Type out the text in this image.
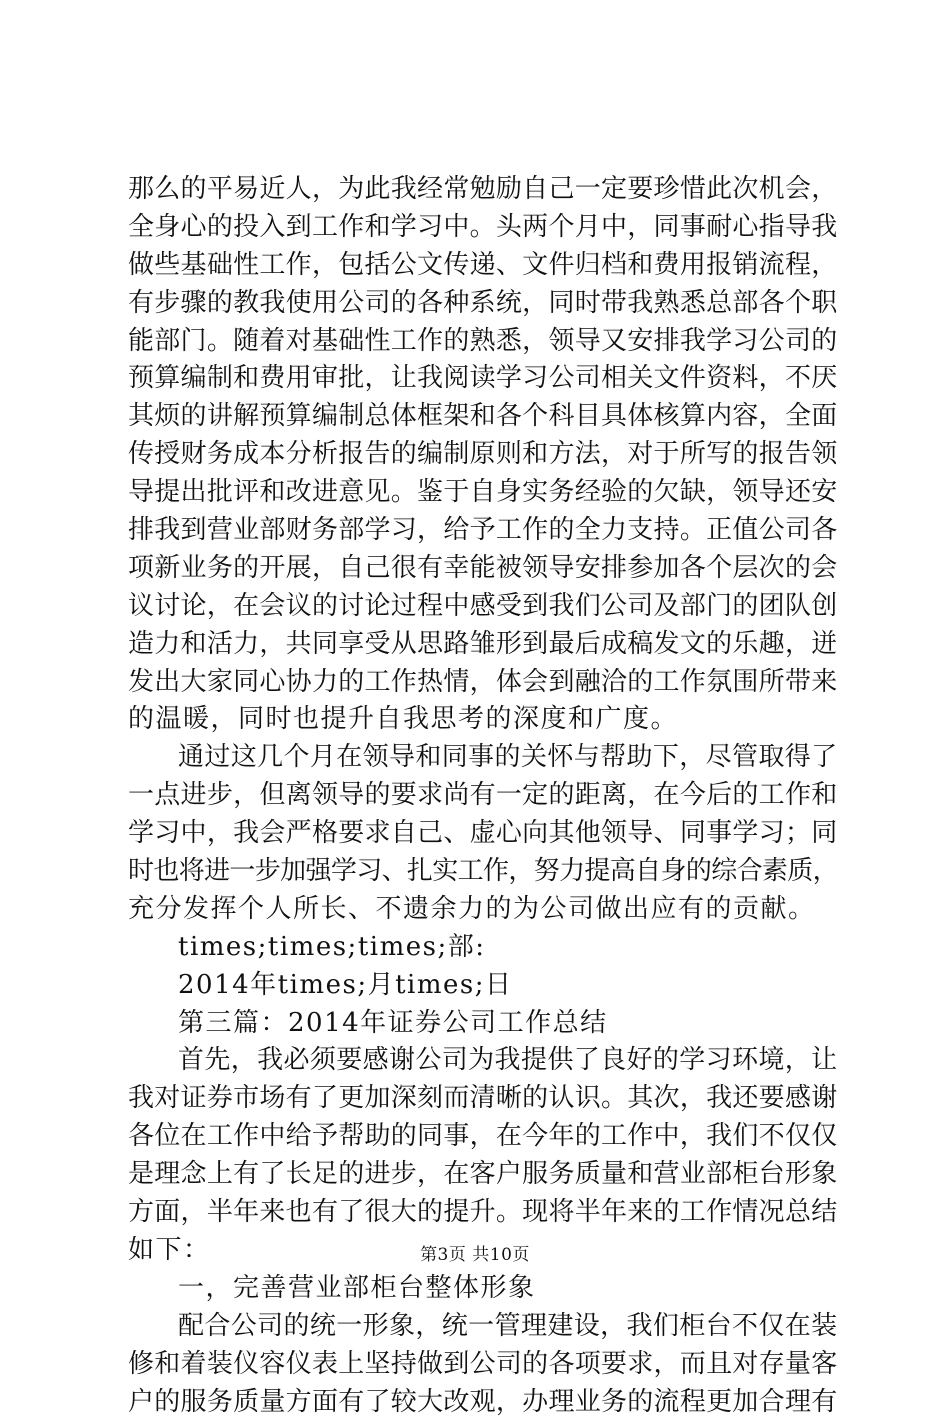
那么的平易近人，为此我经常勉励自己一定要珍惜此次机会，
全身心的投入到工作和学习中。头两个月中，同事耐心指导我
做些基础性工作，包括公文传递、文件归档和费用报销流程，
有步骤的教我使用公司的各种系统，同时带我熟悉总部各个职
能部门。随着对基础性工作的熟悉，领导又安排我学习公司的
预算编制和费用审批，让我阅读学习公司相关文件资料，不厌
其烦的讲解预算编制总体框架和各个科目具体核算内容，全面
传授财务成本分析报告的编制原则和方法，对于所写的报告领
导提出批评和改进意见。鉴于自身实务经验的欠缺，领导还安
排我到营业部财务部学习，给予工作的全力支持。正值公司各
项新业务的开展，自己很有幸能被领导安排参加各个层次的会
议讨论，在会议的讨论过程中感受到我们公司及部门的团队创
造力和活力，共同享受从思路雏形到最后成稿发文的乐趣，迸
发出大家同心协力的工作热情，体会到融洽的工作氛围所带来
的温暖，同时也提升自我思考的深度和广度。
通过这几个月在领导和同事的关怀与帮助下，尽管取得了
一点进步，但离领导的要求尚有一定的距离，在今后的工作和
学习中，我会严格要求自己、虚心向其他领导、同事学习；同
时也将进一步加强学习、扎实工作，努力提高自身的综合素质，
充分发挥个人所长、不遗余力的为公司做出应有的贡献。
times;times;times;部:
2014年times;月times;日
第三篇：2014年证券公司工作总结
首先，我必须要感谢公司为我提供了良好的学习环境，让
我对证券市场有了更加深刻而清晰的认识。其次，我还要感谢
各位在工作中给予帮助的同事，在今年的工作中，我们不仅仅
是理念上有了长足的进步，在客户服务质量和营业部柜台形象
方面，半年来也有了很大的提升。现将半年来的工作情况总结
如下：
一，完善营业部柜台整体形象
配合公司的统一形象，统一管理建设，我们柜台不仅在装
修和着装仪容仪表上坚持做到公司的各项要求，而且对存量客
户的服务质量方面有了较大改观，办理业务的流程更加合理有
第3页 共10页
